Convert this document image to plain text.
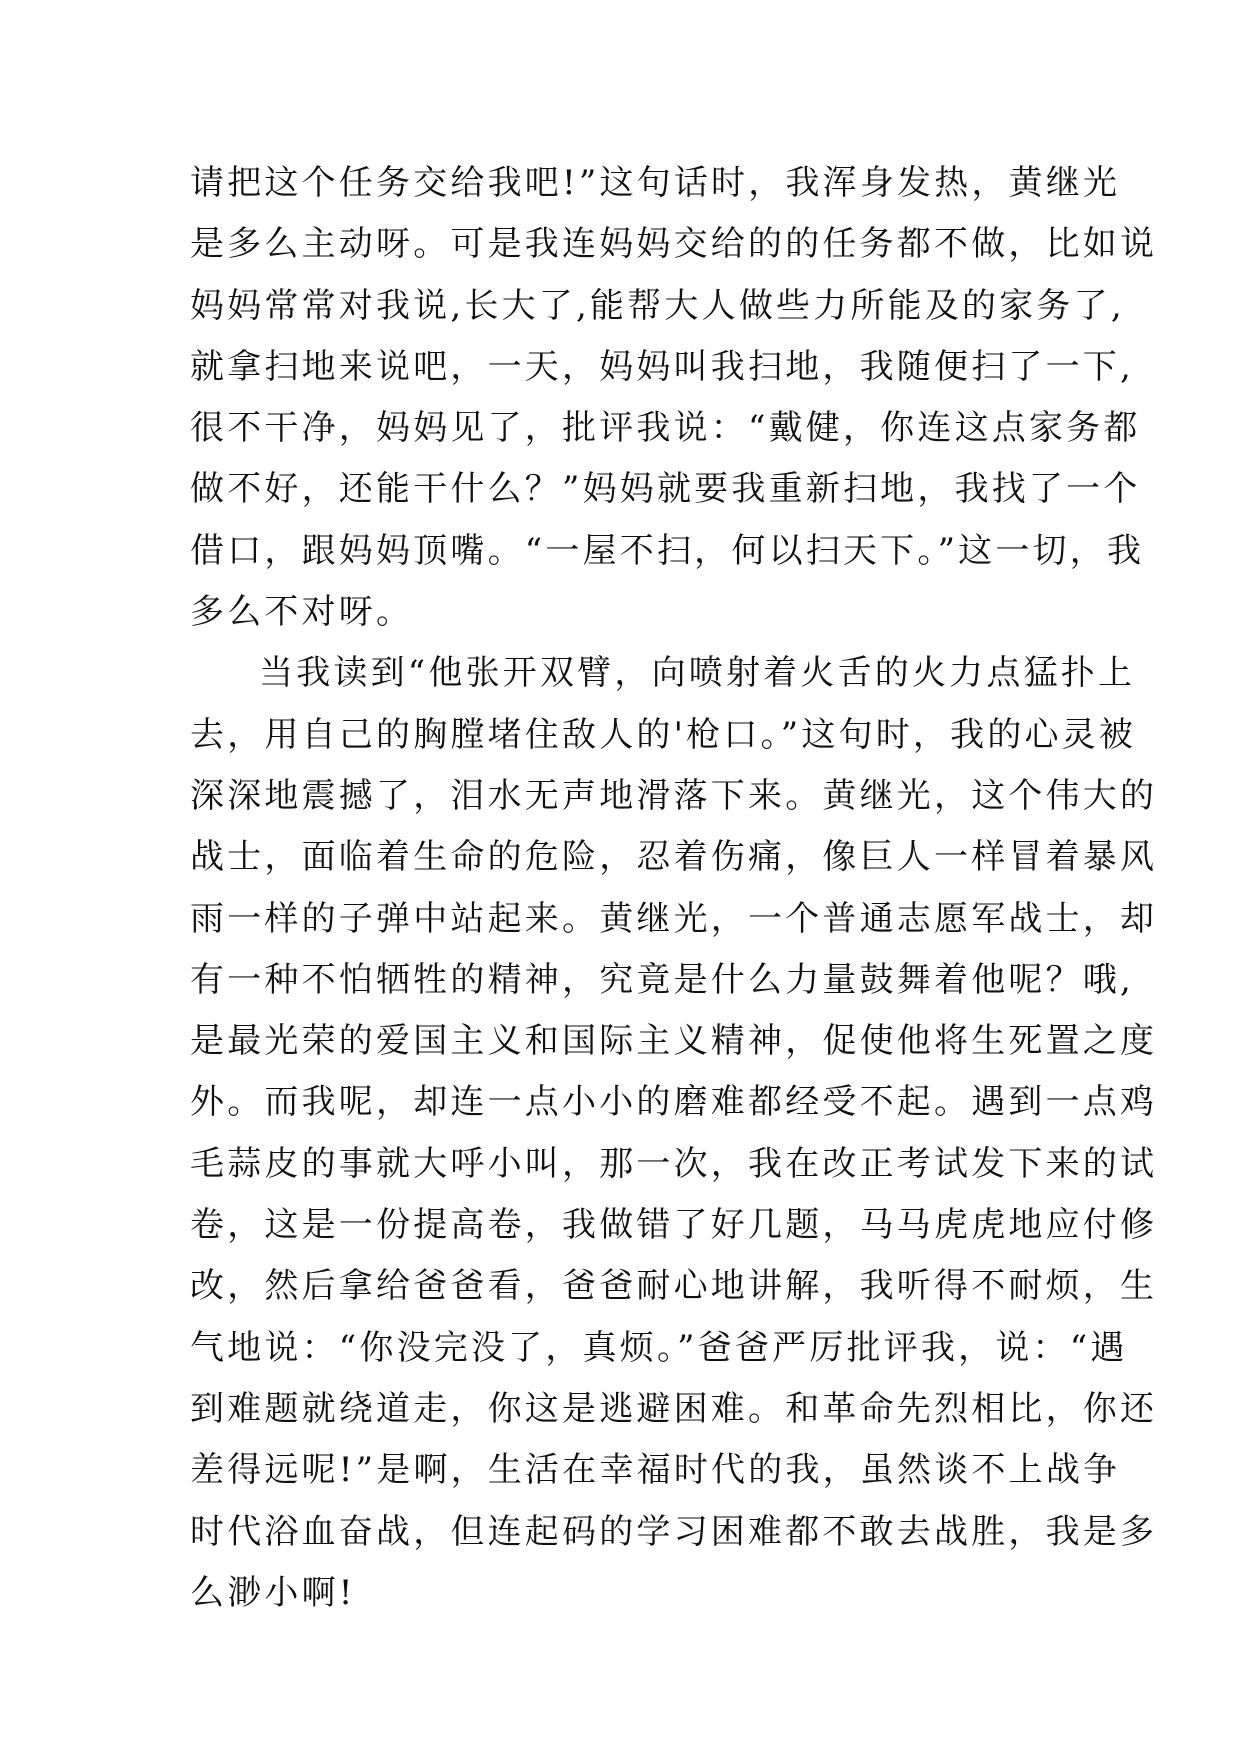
请把这个任务交给我吧!”这句话时，我浑身发热，黄继光
是多么主动呀。可是我连妈妈交给的的任务都不做，比如说
妈妈常常对我说,长大了,能帮大人做些力所能及的家务了,
就拿扫地来说吧，一天，妈妈叫我扫地，我随便扫了一下,
很不干净，妈妈见了，批评我说：“戴健，你连这点家务都
做不好，还能干什么？”妈妈就要我重新扫地，我找了一个
借口，跟妈妈顶嘴。“一屋不扫，何以扫天下。”这一切，我
多么不对呀。
当我读到“他张开双臂，向喷射着火舌的火力点猛扑上
去，用自己的胸膛堵住敌人的'枪口。”这句时，我的心灵被
深深地震撼了，泪水无声地滑落下来。黄继光，这个伟大的
战士，面临着生命的危险，忍着伤痛，像巨人一样冒着暴风
雨一样的子弹中站起来。黄继光，一个普通志愿军战士，却
有一种不怕牺牲的精神，究竟是什么力量鼓舞着他呢？哦,
是最光荣的爱国主义和国际主义精神，促使他将生死置之度
外。而我呢，却连一点小小的磨难都经受不起。遇到一点鸡
毛蒜皮的事就大呼小叫，那一次，我在改正考试发下来的试
卷，这是一份提高卷，我做错了好几题，马马虎虎地应付修
改，然后拿给爸爸看，爸爸耐心地讲解，我听得不耐烦，生
气地说：“你没完没了，真烦。”爸爸严厉批评我，说：“遇
到难题就绕道走，你这是逃避困难。和革命先烈相比，你还
差得远呢!”是啊，生活在幸福时代的我，虽然谈不上战争
时代浴血奋战，但连起码的学习困难都不敢去战胜，我是多
么渺小啊!
